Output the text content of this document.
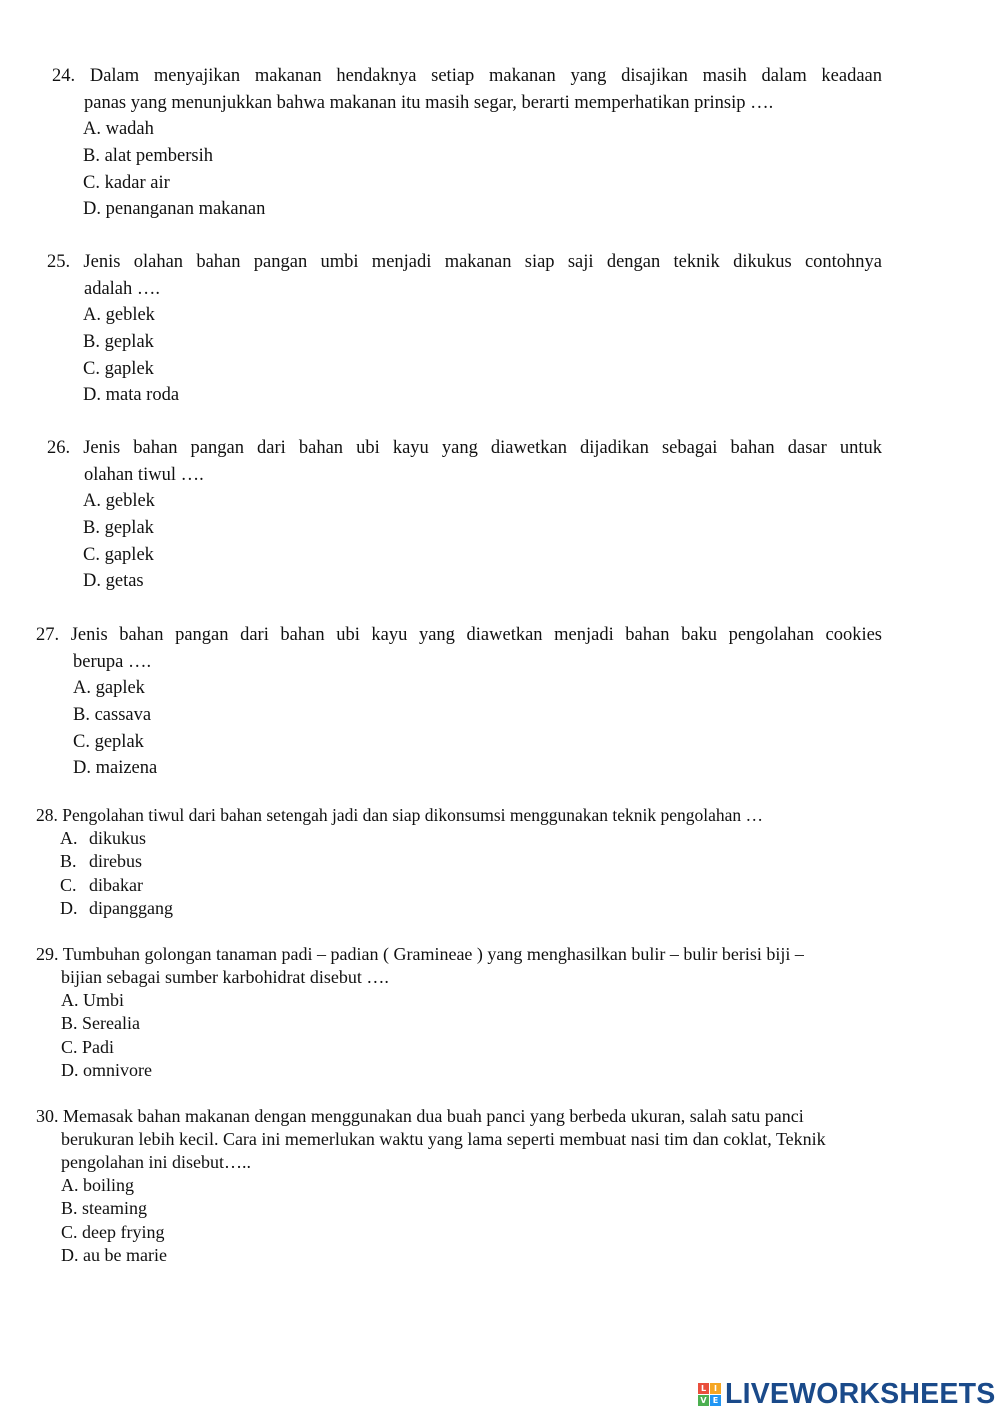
24. Dalam menyajikan makanan hendaknya setiap makanan yang disajikan masih dalam keadaan

panas yang menunjukkan bahwa makanan itu masih segar, berarti memperhatikan prinsip ….

A. wadah

B. alat pembersih

C. kadar air

D. penanganan makanan

25. Jenis olahan bahan pangan umbi menjadi makanan siap saji dengan teknik dikukus contohnya

adalah ….

A. geblek

B. geplak

C. gaplek

D. mata roda

26. Jenis bahan pangan dari bahan ubi kayu yang diawetkan dijadikan sebagai bahan dasar untuk

olahan tiwul ….

A. geblek

B. geplak

C. gaplek

D. getas

27. Jenis bahan pangan dari bahan ubi kayu yang diawetkan menjadi bahan baku pengolahan cookies

berupa ….

A. gaplek

B. cassava

C. geplak

D. maizena

28. Pengolahan tiwul dari bahan setengah jadi dan siap dikonsumsi menggunakan teknik pengolahan …

A. dikukus

B. direbus

C. dibakar

D. dipanggang

29. Tumbuhan golongan tanaman padi – padian ( Gramineae ) yang menghasilkan bulir – bulir berisi biji –

bijian sebagai sumber karbohidrat disebut ….

A. Umbi

B. Serealia

C. Padi

D. omnivore

30. Memasak bahan makanan dengan menggunakan dua buah panci yang berbeda ukuran, salah satu panci

berukuran lebih kecil. Cara ini memerlukan waktu yang lama seperti membuat nasi tim dan coklat, Teknik

pengolahan ini disebut…..

A. boiling

B. steaming

C. deep frying

D. au be marie

L I
V E LIVEWORKSHEETS
